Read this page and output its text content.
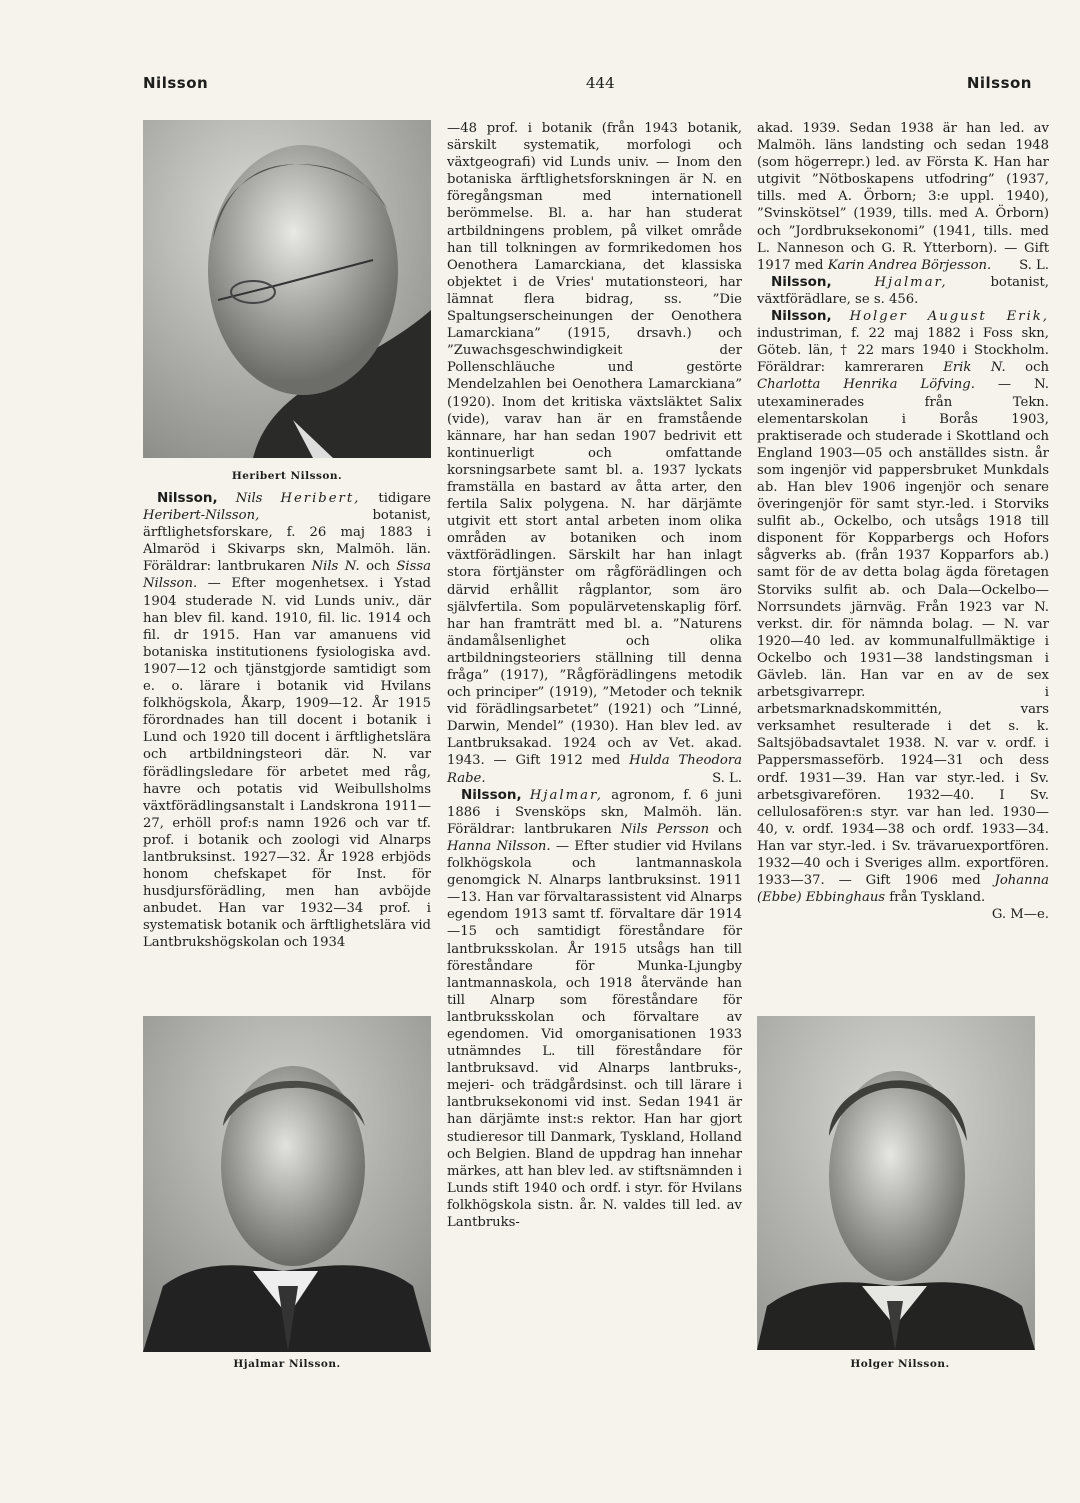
Nilsson	444	Nilsson
Heribert Nilsson.

Nilsson, Nils Heribert, tidigare Heribert-Nilsson, botanist, ärftlighetsforskare, f. 26 maj 1883 i Almaröd i Skivarps skn, Malmöh. län. Föräldrar: lantbrukaren Nils N. och Sissa Nilsson. — Efter mogenhetsex. i Ystad 1904 studerade N. vid Lunds univ., där han blev fil. kand. 1910, fil. lic. 1914 och fil. dr 1915. Han var amanuens vid botaniska institutionens fysiologiska avd. 1907—12 och tjänstgjorde samtidigt som e. o. lärare i botanik vid Hvilans folkhögskola, Åkarp, 1909—12. År 1915 förordnades han till docent i botanik i Lund och 1920 till docent i ärftlighetslära och artbildningsteori där. N. var förädlingsledare för arbetet med råg, havre och potatis vid Weibullsholms växtförädlingsanstalt i Landskrona 1911—27, erhöll prof:s namn 1926 och var tf. prof. i botanik och zoologi vid Alnarps lantbruksinst. 1927—32. År 1928 erbjöds honom chefskapet för Inst. för husdjursförädling, men han avböjde anbudet. Han var 1932—34 prof. i systematisk botanik och ärftlighetslära vid Lantbrukshögskolan och 1934

Hjalmar Nilsson.

—48 prof. i botanik (från 1943 botanik, särskilt systematik, morfologi och växtgeografi) vid Lunds univ. — Inom den botaniska ärftlighetsforskningen är N. en föregångsman med internationell berömmelse. Bl. a. har han studerat artbildningens problem, på vilket område han till tolkningen av formrikedomen hos Oenothera Lamarckiana, det klassiska objektet i de Vries' mutationsteori, har lämnat flera bidrag, ss. ”Die Spaltungserscheinungen der Oenothera Lamarckiana” (1915, drsavh.) och ”Zuwachsgeschwindigkeit der Pollenschläuche und gestörte Mendelzahlen bei Oenothera Lamarckiana” (1920). Inom det kritiska växtsläktet Salix (vide), varav han är en framstående kännare, har han sedan 1907 bedrivit ett kontinuerligt och omfattande korsningsarbete samt bl. a. 1937 lyckats framställa en bastard av åtta arter, den fertila Salix polygena. N. har därjämte utgivit ett stort antal arbeten inom olika områden av botaniken och inom växtförädlingen. Särskilt har han inlagt stora förtjänster om rågförädlingen och därvid erhållit rågplantor, som äro självfertila. Som populärvetenskaplig förf. har han framträtt med bl. a. ”Naturens ändamålsenlighet och olika artbildningsteoriers ställning till denna fråga” (1917), ”Rågförädlingens metodik och principer” (1919), ”Metoder och teknik vid förädlingsarbetet” (1921) och ”Linné, Darwin, Mendel” (1930). Han blev led. av Lantbruksakad. 1924 och av Vet. akad. 1943. — Gift 1912 med Hulda Theodora Rabe.	S. L.

Nilsson, Hjalmar, agronom, f. 6 juni 1886 i Svensköps skn, Malmöh. län. Föräldrar: lantbrukaren Nils Persson och Hanna Nilsson. — Efter studier vid Hvilans folkhögskola och lantmannaskola genomgick N. Alnarps lantbruksinst. 1911—13. Han var förvaltarassistent vid Alnarps egendom 1913 samt tf. förvaltare där 1914—15 och samtidigt föreståndare för lantbruksskolan. År 1915 utsågs han till föreståndare för Munka-Ljungby lantmannaskola, och 1918 återvände han till Alnarp som föreståndare för lantbruksskolan och förvaltare av egendomen. Vid omorganisationen 1933 utnämndes L. till föreståndare för lantbruksavd. vid Alnarps lantbruks-, mejeri- och trädgårdsinst. och till lärare i lantbruksekonomi vid inst. Sedan 1941 är han därjämte inst:s rektor. Han har gjort studieresor till Danmark, Tyskland, Holland och Belgien. Bland de uppdrag han innehar märkes, att han blev led. av stiftsnämnden i Lunds stift 1940 och ordf. i styr. för Hvilans folkhögskola sistn. år. N. valdes till led. av Lantbruks-

akad. 1939. Sedan 1938 är han led. av Malmöh. läns landsting och sedan 1948 (som högerrepr.) led. av Första K. Han har utgivit ”Nötboskapens utfodring” (1937, tills. med A. Örborn; 3:e uppl. 1940), ”Svinskötsel” (1939, tills. med A. Örborn) och ”Jordbruksekonomi” (1941, tills. med L. Nanneson och G. R. Ytterborn). — Gift 1917 med Karin Andrea Börjesson. S. L.

Nilsson,	Hjalmar, botanist, växtförädlare, se s. 456.

Nilsson, Holger August Erik, industriman, f. 22 maj 1882 i Foss skn, Göteb. län, † 22 mars 1940 i Stockholm. Föräldrar: kamreraren Erik N. och Charlotta Henrika Löfving. — N. utexaminerades från Tekn. elementarskolan i Borås 1903, praktiserade och studerade i Skottland och England 1903—05 och anställdes sistn. år som ingenjör vid pappersbruket Munkdals ab. Han blev 1906 ingenjör och senare överingenjör för samt styr.-led. i Storviks sulfit ab., Ockelbo, och utsågs 1918 till disponent för Kopparbergs och Hofors sågverks ab. (från 1937 Kopparfors ab.) samt för de av detta bolag ägda företagen Storviks sulfit ab. och Dala—Ockelbo—Norrsundets järnväg. Från 1923 var N. verkst. dir. för nämnda bolag. — N. var 1920—40 led. av kommunalfullmäktige i Ockelbo och 1931—38 landstingsman i Gävleb. län. Han var en av de sex arbetsgivarrepr. i arbetsmarknadskommittén, vars verksamhet resulterade i det s. k. Saltsjöbadsavtalet 1938. N. var v. ordf. i Pappersmasseförb. 1924—31 och dess ordf. 1931—39. Han var styr.-led. i Sv. arbetsgivarefören. 1932—40. I Sv. cellulosafören:s styr. var han led. 1930—40, v. ordf. 1934—38 och ordf. 1933—34. Han var styr.-led. i Sv. trävaruexportfören. 1932—40 och i Sveriges allm. exportfören. 1933—37. — Gift 1906 med Johanna (Ebbe) Ebbinghaus från Tyskland.
G. M—e.

Holger Nilsson.
